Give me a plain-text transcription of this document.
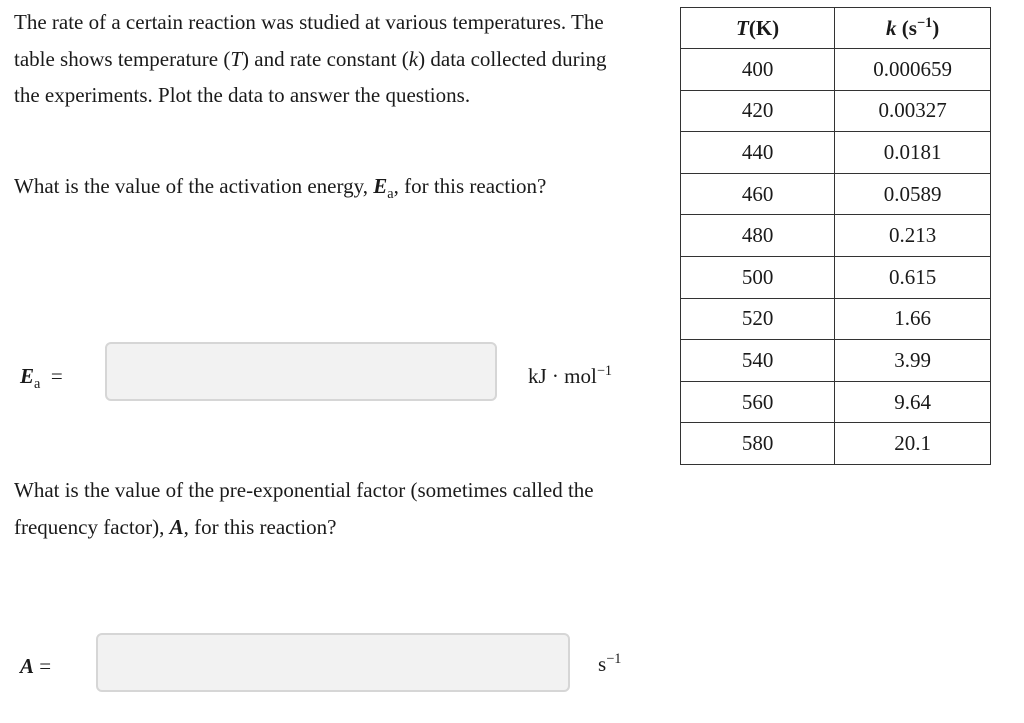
The rate of a certain reaction was studied at various temperatures. The table shows temperature (T) and rate constant (k) data collected during the experiments. Plot the data to answer the questions.

What is the value of the activation energy, $E_a$, for this reaction?

$E_a$ =	kJ · mol$^{-1}$

What is the value of the pre-exponential factor (sometimes called the frequency factor), A, for this reaction?

A =	$s^{-1}$
T(K)	k $(s^{-1})$
400	0.000659
420	0.00327
440	0.0181
460	0.0589
480	0.213
500	0.615
520	1.66
540	3.99
560	9.64
580	20.1
